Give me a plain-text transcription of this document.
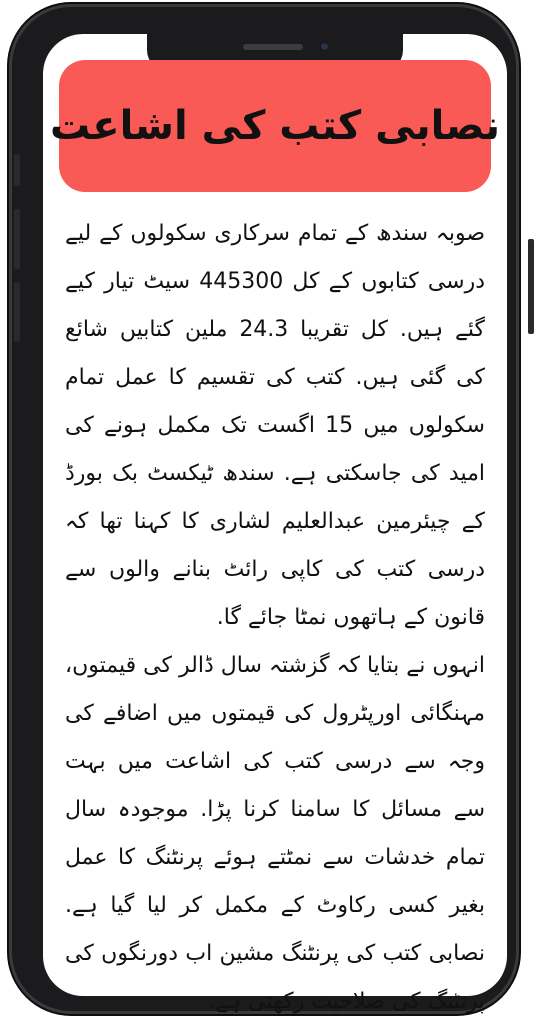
نصابی کتب کی اشاعت

صوبہ سندھ کے تمام سرکاری سکولوں کے لیے درسی کتابوں کے کل 445300 سیٹ تیار کیے گئے ہیں. کل تقریبا 24.3 ملین کتابیں شائع کی گئی ہیں. کتب کی تقسیم کا عمل تمام سکولوں میں 15 اگست تک مکمل ہونے کی امید کی جاسکتی ہے. سندھ ٹیکسٹ بک بورڈ کے چیئرمین عبدالعلیم لشاری کا کہنا تھا کہ درسی کتب کی کاپی رائٹ بنانے والوں سے قانون کے ہاتھوں نمٹا جائے گا.

انہوں نے بتایا کہ گزشتہ سال ڈالر کی قیمتوں، مہنگائی اورپٹرول کی قیمتوں میں اضافے کی وجہ سے درسی کتب کی اشاعت میں بہت سے مسائل کا سامنا کرنا پڑا. موجودہ سال تمام خدشات سے نمٹتے ہوئے پرنٹنگ کا عمل بغیر کسی رکاوٹ کے مکمل کر لیا گیا ہے. نصابی کتب کی پرنٹنگ مشین اب دورنگوں کی پرنٹنگ کی صلاحیت رکھتی ہے.
